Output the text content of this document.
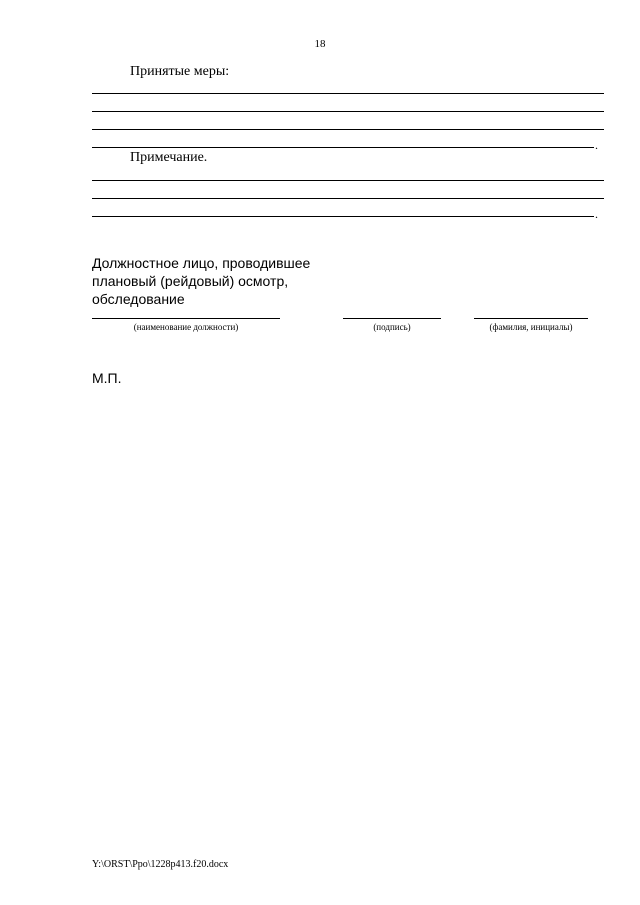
18
Принятые меры:
.
Примечание.
.
Должностное лицо, проводившее
плановый (рейдовый) осмотр,
обследование
(наименование должности)	(подпись)	(фамилия, инициалы)
М.П.
Y:\ORST\Ppo\1228p413.f20.docx
